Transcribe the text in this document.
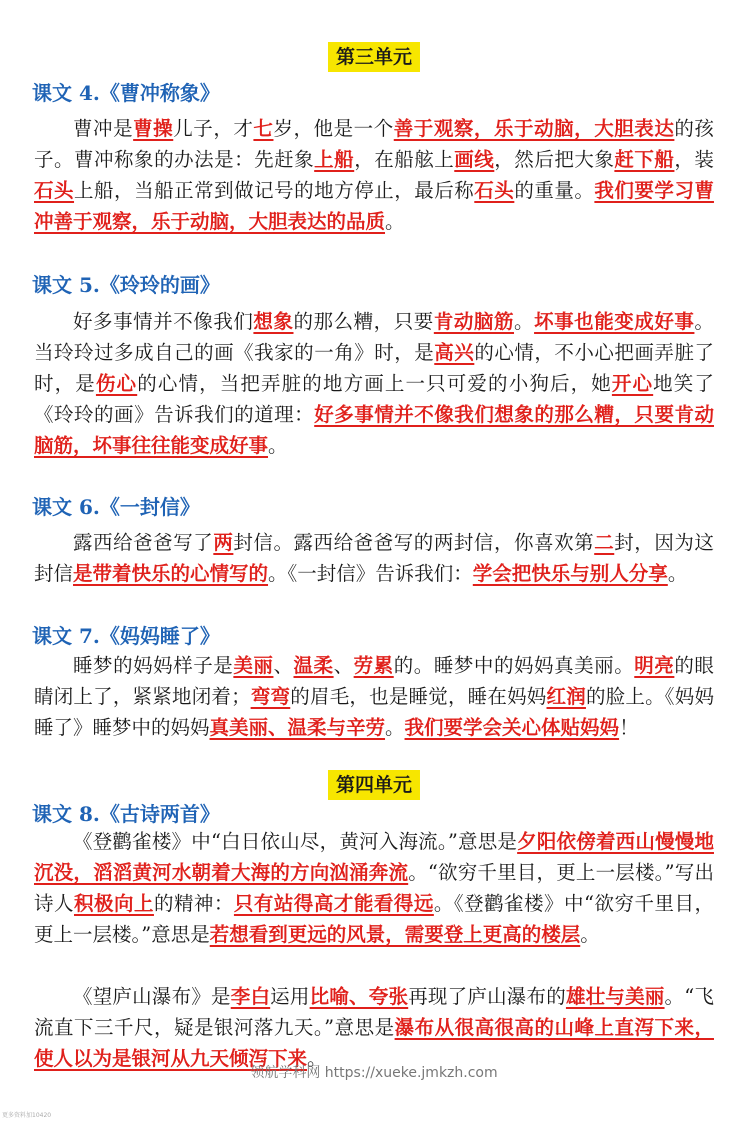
第三单元
课文 4.《曹冲称象》
曹冲是曹操儿子，才七岁，他是一个善于观察，乐于动脑，大胆表达的孩子。曹冲称象的办法是：先赶象上船，在船舷上画线，然后把大象赶下船，装石头上船，当船正常到做记号的地方停止，最后称石头的重量。我们要学习曹冲善于观察，乐于动脑，大胆表达的品质。
课文 5.《玲玲的画》
好多事情并不像我们想象的那么糟，只要肯动脑筋。坏事也能变成好事。当玲玲过多成自己的画《我家的一角》时，是高兴的心情，不小心把画弄脏了时，是伤心的心情，当把弄脏的地方画上一只可爱的小狗后，她开心地笑了《玲玲的画》告诉我们的道理：好多事情并不像我们想象的那么糟，只要肯动脑筋，坏事往往能变成好事。
课文 6.《一封信》
露西给爸爸写了两封信。露西给爸爸写的两封信，你喜欢第二封，因为这封信是带着快乐的心情写的。《一封信》告诉我们：学会把快乐与别人分享。
课文 7.《妈妈睡了》
睡梦的妈妈样子是美丽、温柔、劳累的。睡梦中的妈妈真美丽。明亮的眼睛闭上了，紧紧地闭着；弯弯的眉毛，也是睡觉，睡在妈妈红润的脸上。《妈妈睡了》睡梦中的妈妈真美丽、温柔与辛劳。我们要学会关心体贴妈妈！
第四单元
课文 8.《古诗两首》
《登鹳雀楼》中“白日依山尽，黄河入海流。”意思是夕阳依傍着西山慢慢地沉没，滔滔黄河水朝着大海的方向汹涌奔流。“欲穷千里目，更上一层楼。”写出诗人积极向上的精神：只有站得高才能看得远。《登鹳雀楼》中“欲穷千里目，更上一层楼。”意思是若想看到更远的风景，需要登上更高的楼层。
《望庐山瀑布》是李白运用比喻、夸张再现了庐山瀑布的雄壮与美丽。“飞流直下三千尺，疑是银河落九天。”意思是瀑布从很高很高的山峰上直泻下来，使人以为是银河从九天倾泻下来。
领航学科网 https://xueke.jmkzh.com
更多资料加10420
